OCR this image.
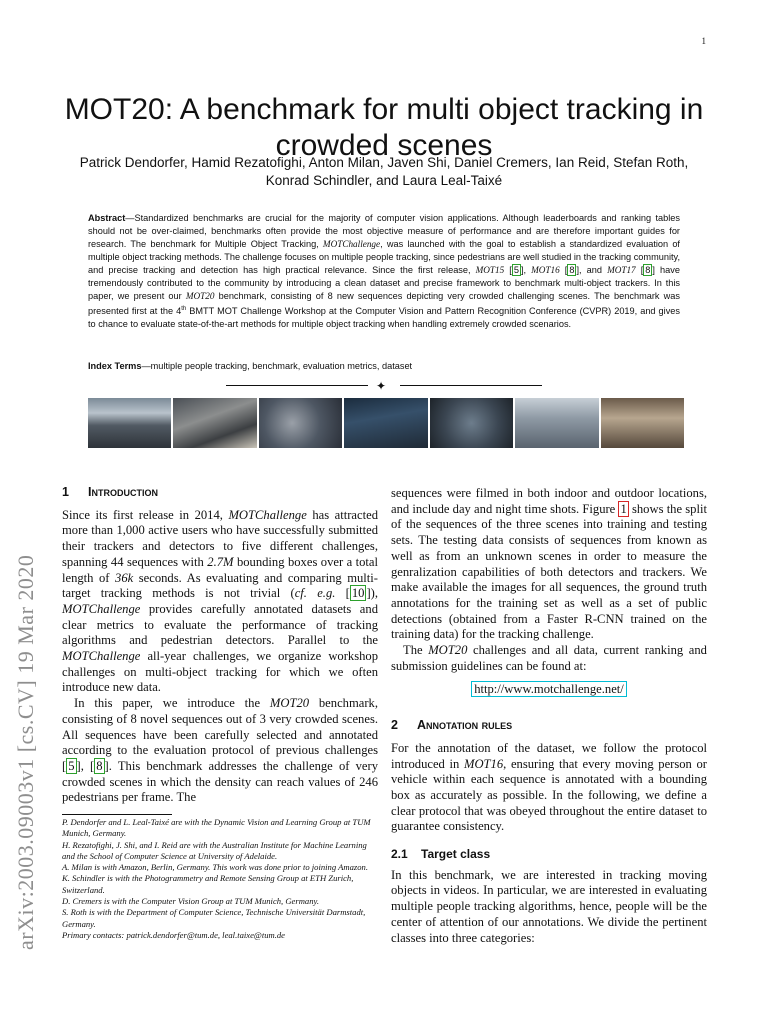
1
arXiv:2003.09003v1 [cs.CV] 19 Mar 2020
MOT20: A benchmark for multi object tracking in crowded scenes
Patrick Dendorfer, Hamid Rezatofighi, Anton Milan, Javen Shi, Daniel Cremers, Ian Reid, Stefan Roth, Konrad Schindler, and Laura Leal-Taixé
Abstract—Standardized benchmarks are crucial for the majority of computer vision applications. Although leaderboards and ranking tables should not be over-claimed, benchmarks often provide the most objective measure of performance and are therefore important guides for research. The benchmark for Multiple Object Tracking, MOTChallenge, was launched with the goal to establish a standardized evaluation of multiple object tracking methods. The challenge focuses on multiple people tracking, since pedestrians are well studied in the tracking community, and precise tracking and detection has high practical relevance. Since the first release, MOT15 [ 5 ], MOT16 [ 8 ], and MOT17 [ 8 ] have tremendously contributed to the community by introducing a clean dataset and precise framework to benchmark multi-object trackers. In this paper, we present our MOT20 benchmark, consisting of 8 new sequences depicting very crowded challenging scenes. The benchmark was presented first at the 4th BMTT MOT Challenge Workshop at the Computer Vision and Pattern Recognition Conference (CVPR) 2019, and gives to chance to evaluate state-of-the-art methods for multiple object tracking when handling extremely crowded scenarios.
Index Terms—multiple people tracking, benchmark, evaluation metrics, dataset
✦
1 Introduction

Since its first release in 2014, MOTChallenge has attracted more than 1,000 active users who have successfully submitted their trackers and detectors to five different challenges, spanning 44 sequences with 2.7M bounding boxes over a total length of 36k seconds. As evaluating and comparing multi-target tracking methods is not trivial (cf. e.g. [ 10 ]), MOTChallenge provides carefully annotated datasets and clear metrics to evaluate the performance of tracking algorithms and pedestrian detectors. Parallel to the MOTChallenge all-year challenges, we organize workshop challenges on multi-object tracking for which we often introduce new data.

In this paper, we introduce the MOT20 benchmark, consisting of 8 novel sequences out of 3 very crowded scenes. All sequences have been carefully selected and annotated according to the evaluation protocol of previous challenges [ 5 ], [ 8 ]. This benchmark addresses the challenge of very crowded scenes in which the density can reach values of 246 pedestrians per frame. The

P. Dendorfer and L. Leal-Taixé are with the Dynamic Vision and Learning Group at TUM Munich, Germany.

H. Rezatofighi, J. Shi, and I. Reid are with the Australian Institute for Machine Learning and the School of Computer Science at University of Adelaide.

A. Milan is with Amazon, Berlin, Germany. This work was done prior to joining Amazon.

K. Schindler is with the Photogrammetry and Remote Sensing Group at ETH Zurich, Switzerland.

D. Cremers is with the Computer Vision Group at TUM Munich, Germany.

S. Roth is with the Department of Computer Science, Technische Universität Darmstadt, Germany.

Primary contacts: patrick.dendorfer@tum.de, leal.taixe@tum.de

sequences were filmed in both indoor and outdoor locations, and include day and night time shots. Figure 1 shows the split of the sequences of the three scenes into training and testing sets. The testing data consists of sequences from known as well as from an unknown scenes in order to measure the genralization capabilities of both detectors and trackers. We make available the images for all sequences, the ground truth annotations for the training set as well as a set of public detections (obtained from a Faster R-CNN trained on the training data) for the tracking challenge.

The MOT20 challenges and all data, current ranking and submission guidelines can be found at:

http://www.motchallenge.net/
2 Annotation rules

For the annotation of the dataset, we follow the protocol introduced in MOT16, ensuring that every moving person or vehicle within each sequence is annotated with a bounding box as accurately as possible. In the following, we define a clear protocol that was obeyed throughout the entire dataset to guarantee consistency.

2.1 Target class

In this benchmark, we are interested in tracking moving objects in videos. In particular, we are interested in evaluating multiple people tracking algorithms, hence, people will be the center of attention of our annotations. We divide the pertinent classes into three categories:
